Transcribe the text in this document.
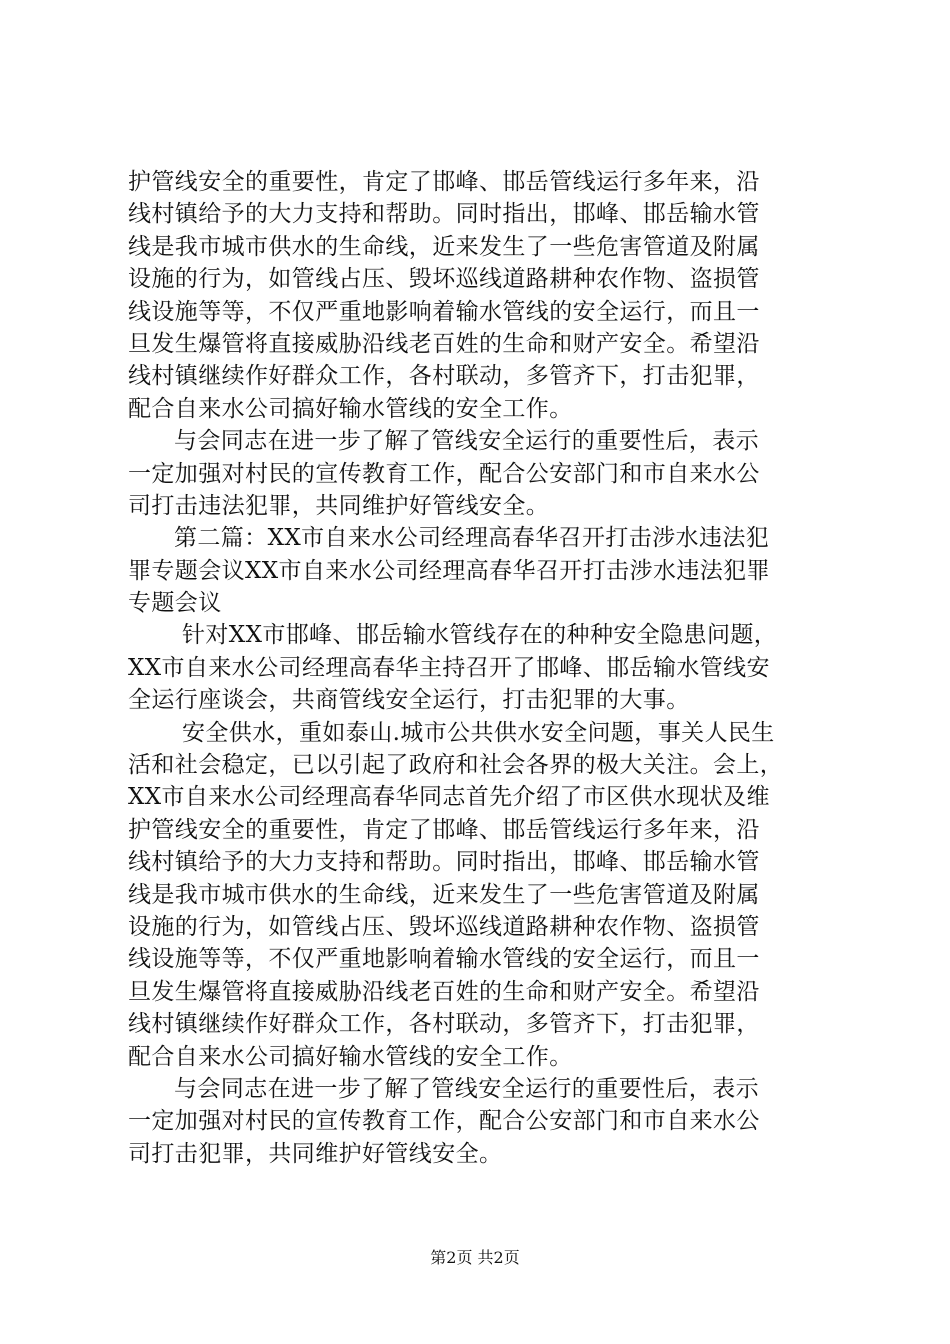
护管线安全的重要性，肯定了邯峰、邯岳管线运行多年来，沿
线村镇给予的大力支持和帮助。同时指出，邯峰、邯岳输水管
线是我市城市供水的生命线，近来发生了一些危害管道及附属
设施的行为，如管线占压、毁坏巡线道路耕种农作物、盗损管
线设施等等，不仅严重地影响着输水管线的安全运行，而且一
旦发生爆管将直接威胁沿线老百姓的生命和财产安全。希望沿
线村镇继续作好群众工作，各村联动，多管齐下，打击犯罪，
配合自来水公司搞好输水管线的安全工作。
与会同志在进一步了解了管线安全运行的重要性后，表示
一定加强对村民的宣传教育工作，配合公安部门和市自来水公
司打击违法犯罪，共同维护好管线安全。
第二篇：XX市自来水公司经理高春华召开打击涉水违法犯
罪专题会议XX市自来水公司经理高春华召开打击涉水违法犯罪
专题会议
针对XX市邯峰、邯岳输水管线存在的种种安全隐患问题，
XX市自来水公司经理高春华主持召开了邯峰、邯岳输水管线安
全运行座谈会，共商管线安全运行，打击犯罪的大事。
安全供水，重如泰山.城市公共供水安全问题，事关人民生
活和社会稳定，已以引起了政府和社会各界的极大关注。会上，
XX市自来水公司经理高春华同志首先介绍了市区供水现状及维
护管线安全的重要性，肯定了邯峰、邯岳管线运行多年来，沿
线村镇给予的大力支持和帮助。同时指出，邯峰、邯岳输水管
线是我市城市供水的生命线，近来发生了一些危害管道及附属
设施的行为，如管线占压、毁坏巡线道路耕种农作物、盗损管
线设施等等，不仅严重地影响着输水管线的安全运行，而且一
旦发生爆管将直接威胁沿线老百姓的生命和财产安全。希望沿
线村镇继续作好群众工作，各村联动，多管齐下，打击犯罪，
配合自来水公司搞好输水管线的安全工作。
与会同志在进一步了解了管线安全运行的重要性后，表示
一定加强对村民的宣传教育工作，配合公安部门和市自来水公
司打击犯罪，共同维护好管线安全。
第2页 共2页
